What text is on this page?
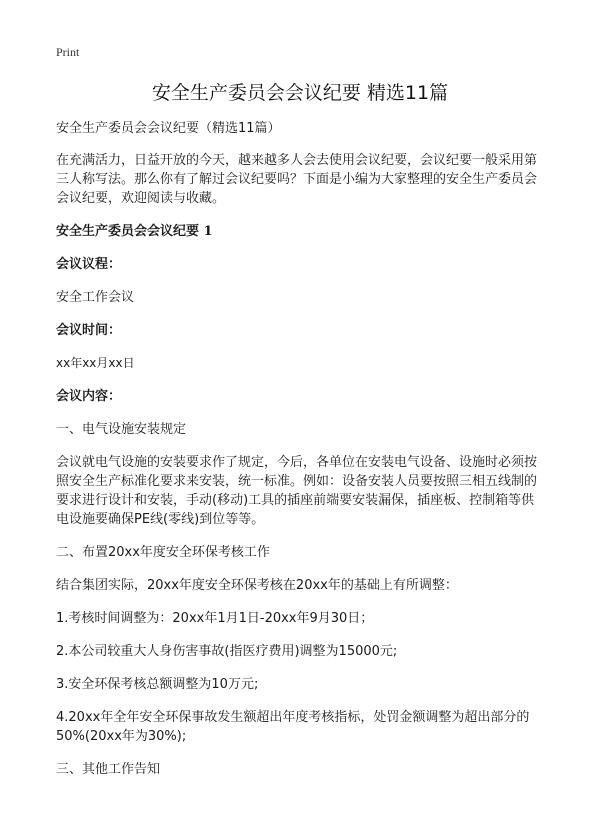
Print
安全生产委员会会议纪要 精选11篇

安全生产委员会会议纪要（精选11篇）

在充满活力，日益开放的今天，越来越多人会去使用会议纪要，会议纪要一般采用第三人称写法。那么你有了解过会议纪要吗？下面是小编为大家整理的安全生产委员会会议纪要，欢迎阅读与收藏。

安全生产委员会会议纪要 1

会议议程：

安全工作会议

会议时间：

xx年xx月xx日

会议内容：

一、电气设施安装规定

会议就电气设施的安装要求作了规定，今后，各单位在安装电气设备、设施时必须按照安全生产标准化要求来安装，统一标准。例如：设备安装人员要按照三相五线制的要求进行设计和安装，手动(移动)工具的插座前端要安装漏保，插座板、控制箱等供电设施要确保PE线(零线)到位等等。

二、布置20xx年度安全环保考核工作

结合集团实际，20xx年度安全环保考核在20xx年的基础上有所调整：

1.考核时间调整为：20xx年1月1日-20xx年9月30日；

2.本公司较重大人身伤害事故(指医疗费用)调整为15000元;

3.安全环保考核总额调整为10万元;

4.20xx年全年安全环保事故发生额超出年度考核指标，处罚金额调整为超出部分的50%(20xx年为30%);

三、其他工作告知
